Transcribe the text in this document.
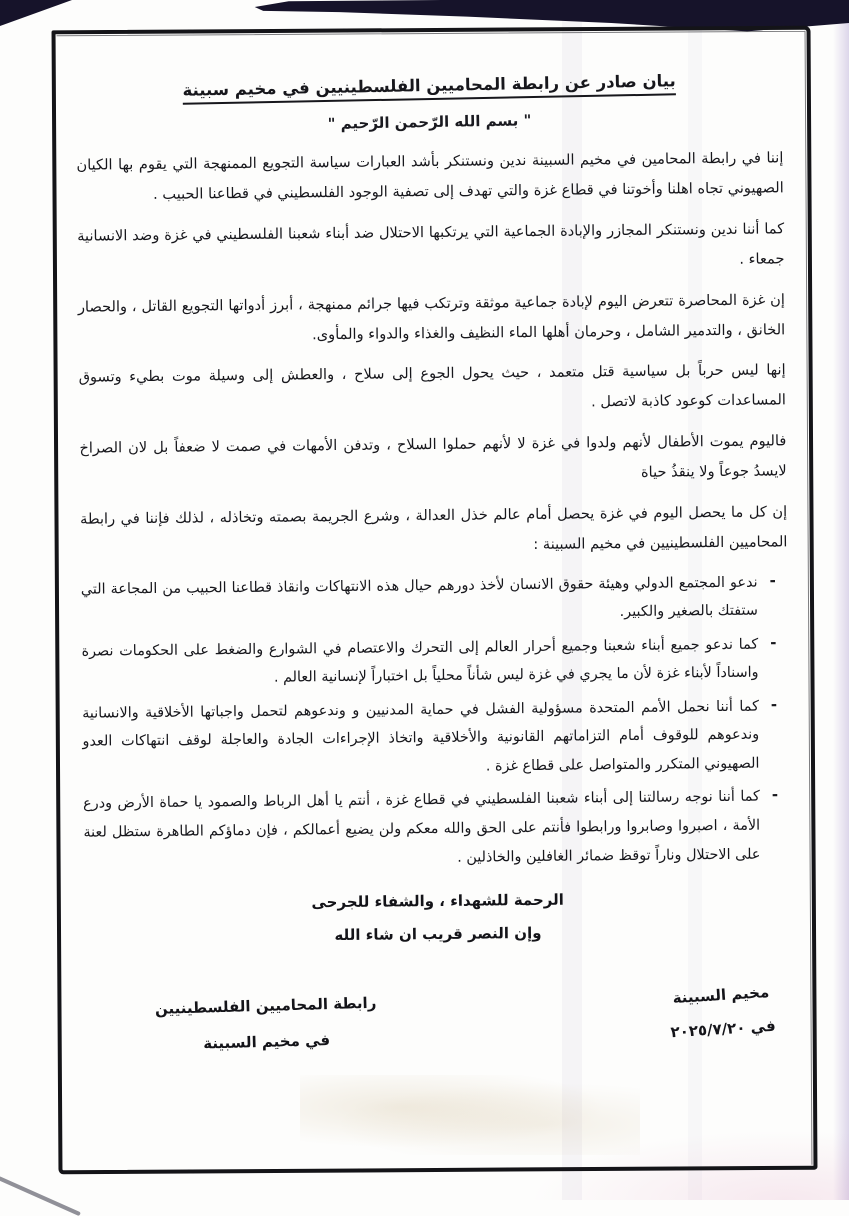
بيان صادر عن رابطة المحاميين الفلسطينيين في مخيم سبينة
" بسم الله الرّحمن الرّحيم "

إننا في رابطة المحامين في مخيم السبينة ندين ونستنكر بأشد العبارات سياسة التجويع الممنهجة التي يقوم بها الكيان الصهيوني تجاه اهلنا وأخوتنا في قطاع غزة والتي تهدف إلى تصفية الوجود الفلسطيني في قطاعنا الحبيب .

كما أننا ندين ونستنكر المجازر والإبادة الجماعية التي يرتكبها الاحتلال ضد أبناء شعبنا الفلسطيني في غزة وضد الانسانية جمعاء .

إن غزة المحاصرة تتعرض اليوم لإبادة جماعية موثقة وترتكب فيها جرائم ممنهجة ، أبرز أدواتها التجويع القاتل ، والحصار الخانق ، والتدمير الشامل ، وحرمان أهلها الماء النظيف والغذاء والدواء والمأوى.

إنها ليس حرباً بل سياسية قتل متعمد ، حيث يحول الجوع إلى سلاح ، والعطش إلى وسيلة موت بطيء وتسوق المساعدات كوعود كاذبة لاتصل .

فاليوم يموت الأطفال لأنهم ولدوا في غزة لا لأنهم حملوا السلاح ، وتدفن الأمهات في صمت لا ضعفاً بل لان الصراخ لايسدُ جوعاً ولا ينقذُ حياة

إن كل ما يحصل اليوم في غزة يحصل أمام عالم خذل العدالة ، وشرع الجريمة بصمته وتخاذله ، لذلك فإننا في رابطة المحاميين الفلسطينيين في مخيم السبينة :

-
ندعو المجتمع الدولي وهيئة حقوق الانسان لأخذ دورهم حيال هذه الانتهاكات وانقاذ قطاعنا الحبيب من المجاعة التي ستفتك بالصغير والكبير.
-
كما ندعو جميع أبناء شعبنا وجميع أحرار العالم إلى التحرك والاعتصام في الشوارع والضغط على الحكومات نصرة واسناداً لأبناء غزة لأن ما يجري في غزة ليس شأناً محلياً بل اختباراً لإنسانية العالم .
-
كما أننا نحمل الأمم المتحدة مسؤولية الفشل في حماية المدنيين و وندعوهم لتحمل واجباتها الأخلاقية والانسانية وندعوهم للوقوف أمام التزاماتهم القانونية والأخلاقية واتخاذ الإجراءات الجادة والعاجلة لوقف انتهاكات العدو الصهيوني المتكرر والمتواصل على قطاع غزة .
-
كما أننا نوجه رسالتنا إلى أبناء شعبنا الفلسطيني في قطاع غزة ، أنتم يا أهل الرباط والصمود يا حماة الأرض ودرع الأمة ، اصبروا وصابروا ورابطوا فأنتم على الحق والله معكم ولن يضيع أعمالكم ، فإن دماؤكم الطاهرة ستظل لعنة على الاحتلال وناراً توقظ ضمائر الغافلين والخاذلين .
الرحمة للشهداء ، والشفاء للجرحى
وإن النصر قريب ان شاء الله
مخيم السبينة
في ٢٠٢٥/٧/٢٠
رابطة المحاميين الفلسطينيين
في مخيم السبينة
